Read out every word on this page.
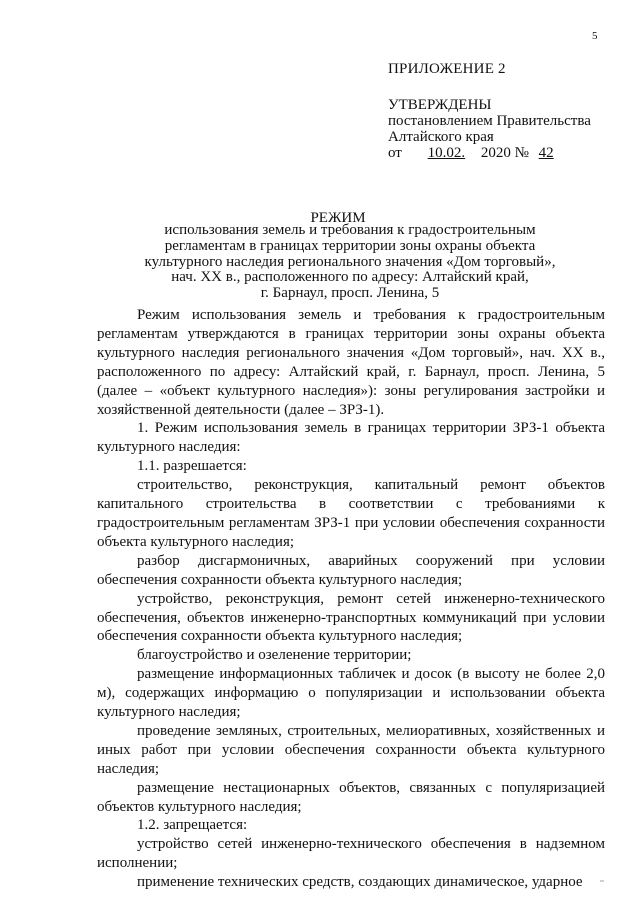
5
ПРИЛОЖЕНИЕ 2
УТВЕРЖДЕНЫ
постановлением Правительства
Алтайского края
от 10.02. 2020 № 42
РЕЖИМ
использования земель и требования к градостроительным
регламентам в границах территории зоны охраны объекта
культурного наследия регионального значения «Дом торговый»,
нач. XX в., расположенного по адресу: Алтайский край,
г. Барнаул, просп. Ленина, 5

Режим использования земель и требования к градостроительным регламентам утверждаются в границах территории зоны охраны объекта культурного наследия регионального значения «Дом торговый», нач. XX в., расположенного по адресу: Алтайский край, г. Барнаул, просп. Ленина, 5 (далее – «объект культурного наследия»): зоны регулирования застройки и хозяйственной деятельности (далее – ЗРЗ-1).

1. Режим использования земель в границах территории ЗРЗ-1 объекта культурного наследия:

1.1. разрешается:

строительство, реконструкция, капитальный ремонт объектов капитального строительства в соответствии с требованиями к градостроительным регламентам ЗРЗ-1 при условии обеспечения сохранности объекта культурного наследия;

разбор дисгармоничных, аварийных сооружений при условии обеспечения сохранности объекта культурного наследия;

устройство, реконструкция, ремонт сетей инженерно-технического обеспечения, объектов инженерно-транспортных коммуникаций при условии обеспечения сохранности объекта культурного наследия;

благоустройство и озеленение территории;

размещение информационных табличек и досок (в высоту не более 2,0 м), содержащих информацию о популяризации и использовании объекта культурного наследия;

проведение земляных, строительных, мелиоративных, хозяйственных и иных работ при условии обеспечения сохранности объекта культурного наследия;

размещение нестационарных объектов, связанных с популяризацией объектов культурного наследия;

1.2. запрещается:

устройство сетей инженерно-технического обеспечения в надземном исполнении;

применение технических средств, создающих динамическое, ударное
